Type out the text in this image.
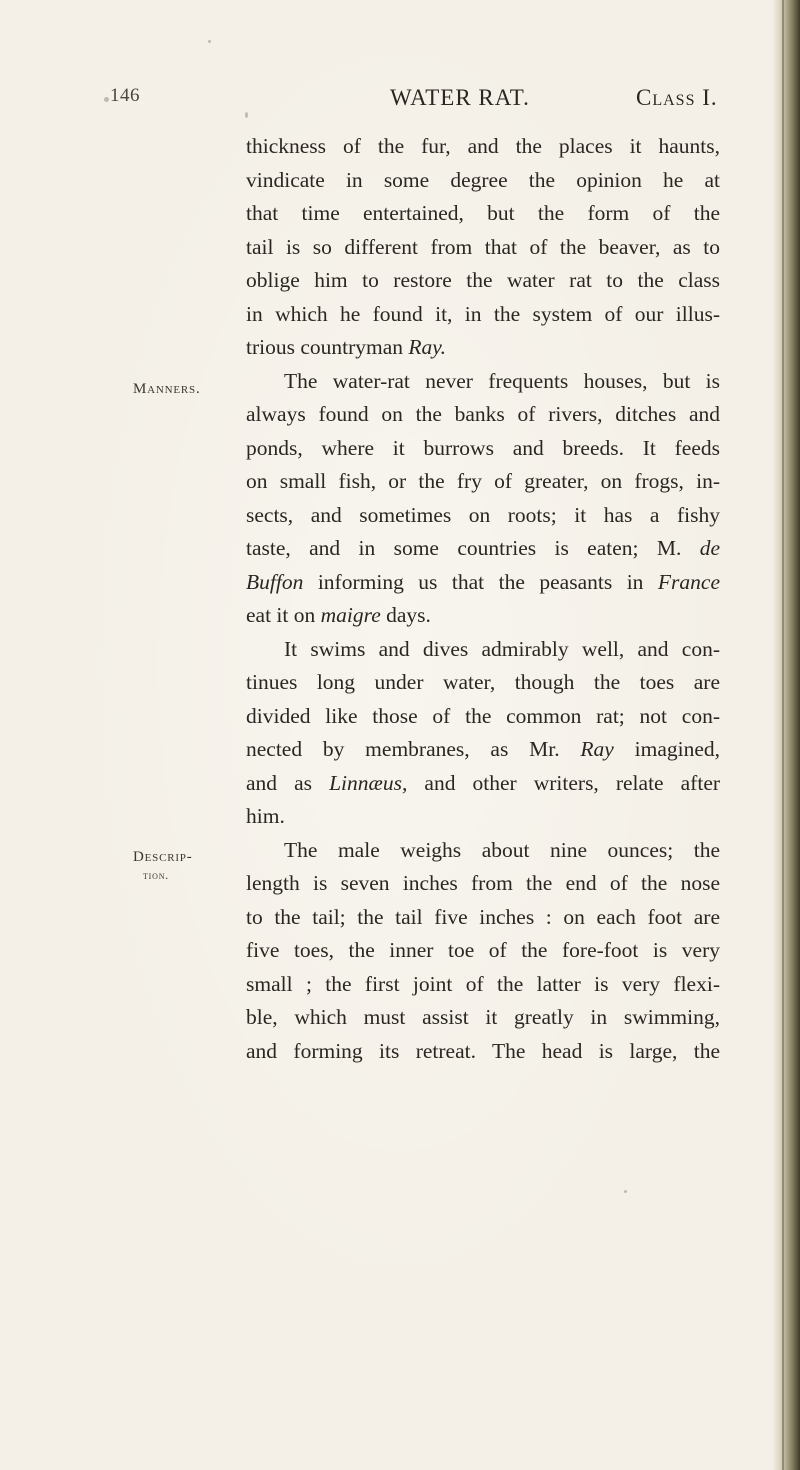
146	WATER RAT.	Class I.
Manners.
Descrip-
tion.
thickness of the fur, and the places it haunts,
vindicate in some degree the opinion he at
that time entertained, but the form of the
tail is so different from that of the beaver, as to
oblige him to restore the water rat to the class
in which he found it, in the system of our illus-
trious countryman Ray.
The water-rat never frequents houses, but is
always found on the banks of rivers, ditches and
ponds, where it burrows and breeds. It feeds
on small fish, or the fry of greater, on frogs, in-
sects, and sometimes on roots; it has a fishy
taste, and in some countries is eaten; M. de
Buffon informing us that the peasants in France
eat it on maigre days.
It swims and dives admirably well, and con-
tinues long under water, though the toes are
divided like those of the common rat; not con-
nected by membranes, as Mr. Ray imagined,
and as Linnæus, and other writers, relate after
him.
The male weighs about nine ounces; the
length is seven inches from the end of the nose
to the tail; the tail five inches : on each foot are
five toes, the inner toe of the fore-foot is very
small ; the first joint of the latter is very flexi-
ble, which must assist it greatly in swimming,
and forming its retreat. The head is large, the
